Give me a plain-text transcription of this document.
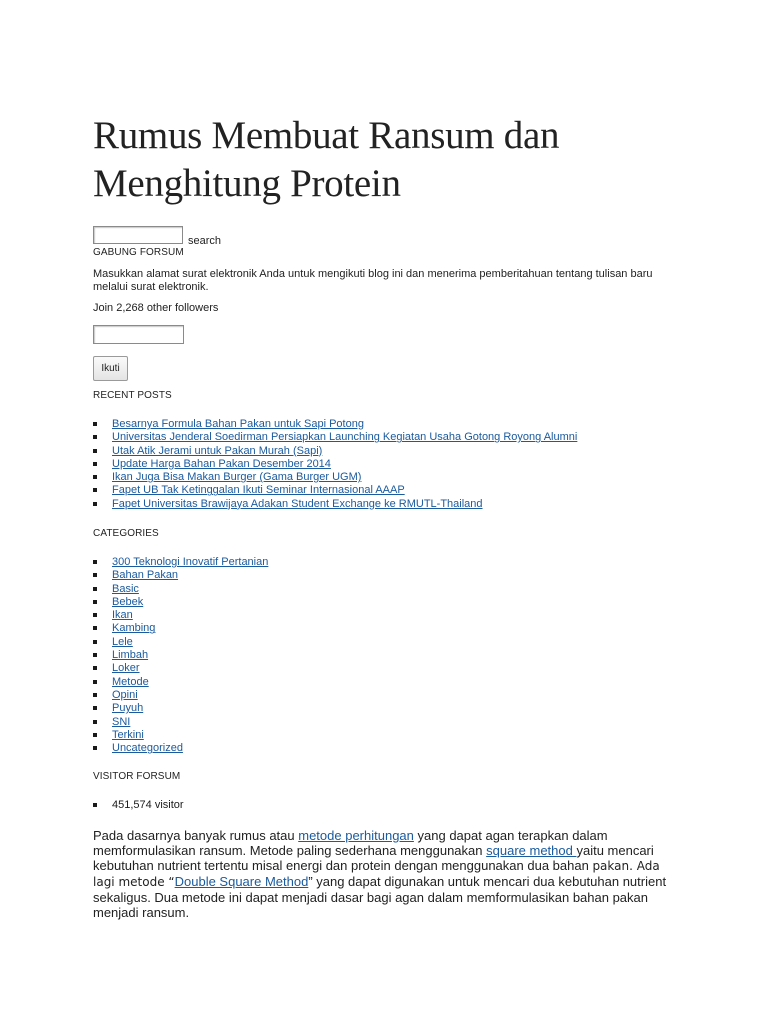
Rumus Membuat Ransum dan Menghitung Protein
search
GABUNG FORSUM
Masukkan alamat surat elektronik Anda untuk mengikuti blog ini dan menerima pemberitahuan tentang tulisan baru melalui surat elektronik.
Join 2,268 other followers
Ikuti
RECENT POSTS
Besarnya Formula Bahan Pakan untuk Sapi Potong
Universitas Jenderal Soedirman Persiapkan Launching Kegiatan Usaha Gotong Royong Alumni
Utak Atik Jerami untuk Pakan Murah (Sapi)
Update Harga Bahan Pakan Desember 2014
Ikan Juga Bisa Makan Burger (Gama Burger UGM)
Fapet UB Tak Ketinggalan Ikuti Seminar Internasional AAAP
Fapet Universitas Brawijaya Adakan Student Exchange ke RMUTL-Thailand
CATEGORIES
300 Teknologi Inovatif Pertanian
Bahan Pakan
Basic
Bebek
Ikan
Kambing
Lele
Limbah
Loker
Metode
Opini
Puyuh
SNI
Terkini
Uncategorized
VISITOR FORSUM
451,574 visitor
Pada dasarnya banyak rumus atau metode perhitungan yang dapat agan terapkan dalam memformulasikan ransum. Metode paling sederhana menggunakan square method yaitu mencari kebutuhan nutrient tertentu misal energi dan protein dengan menggunakan dua bahan pakan. Ada lagi metode “Double Square Method” yang dapat digunakan untuk mencari dua kebutuhan nutrient sekaligus. Dua metode ini dapat menjadi dasar bagi agan dalam memformulasikan bahan pakan menjadi ransum.
